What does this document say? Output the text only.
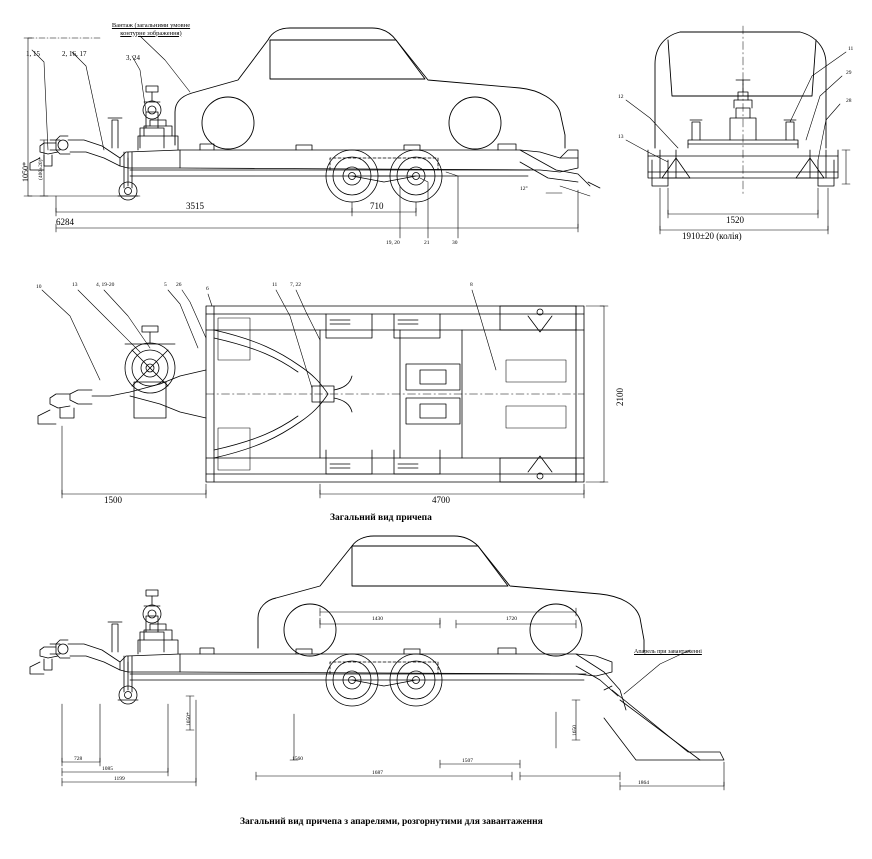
Вантаж (загальними умовне контурне зображення)
1, 15	2, 16, 17	3, 24
1050* (400±20)*
3515	710
6284
12°
19, 20	21	30
11
29
28
12
13
1520
1910±20 (колія)
10	13	4, 19-20	5 26
6
11 7, 22	8
1500	4700
2100
Загальний вид причепа
Апарель при завантаженні
1430	1720
1050*
1650
728
1085
1199
1560	1507
1687
1864
Загальний вид причепа з апарелями, розгорнутими для завантаження
